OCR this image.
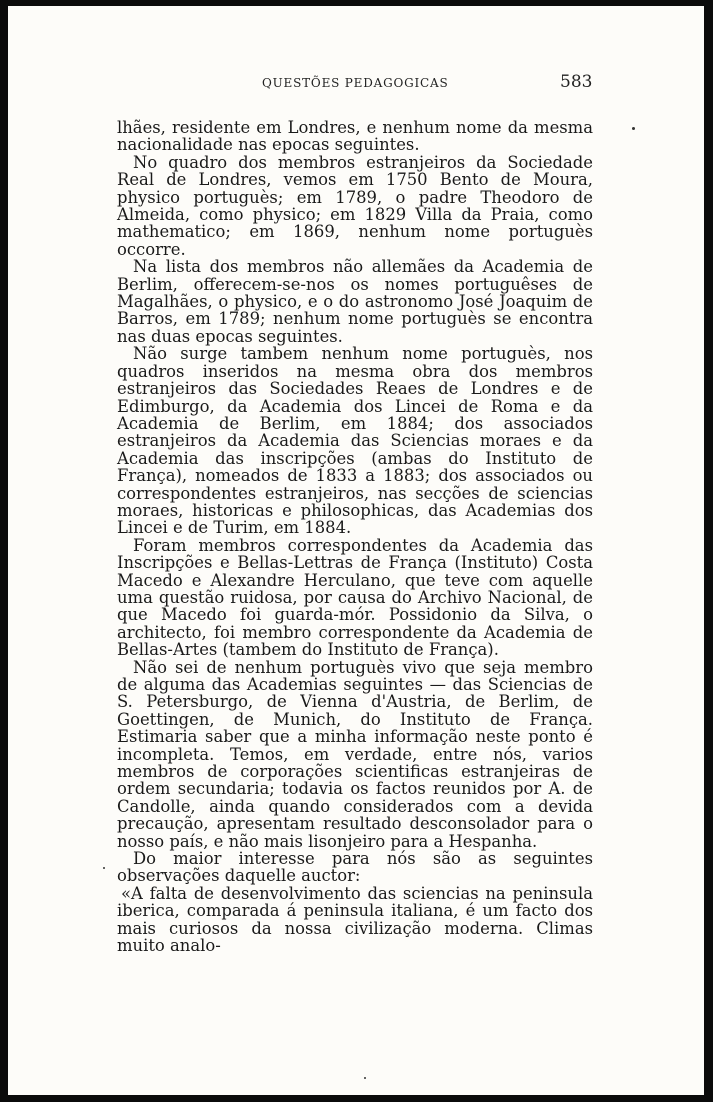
QUESTÕES PEDAGOGICAS	583

lhães, residente em Londres, e nenhum nome da mesma nacionalidade nas epocas seguintes.

No quadro dos membros estranjeiros da Sociedade Real de Londres, vemos em 1750 Bento de Moura, physico portuguès; em 1789, o padre Theodoro de Almeida, como physico; em 1829 Villa da Praia, como mathematico; em 1869, nenhum nome portuguès occorre.

Na lista dos membros não allemães da Academia de Berlim, offerecem-se-nos os nomes portuguêses de Magalhães, o physico, e o do astronomo José Joaquim de Barros, em 1789; nenhum nome portuguès se encontra nas duas epocas seguintes.

Não surge tambem nenhum nome portuguès, nos quadros inseridos na mesma obra dos membros estranjeiros das Sociedades Reaes de Londres e de Edimburgo, da Academia dos Lincei de Roma e da Academia de Berlim, em 1884; dos associados estranjeiros da Academia das Sciencias moraes e da Academia das inscripções (ambas do Instituto de França), nomeados de 1833 a 1883; dos associados ou correspondentes estranjeiros, nas secções de sciencias moraes, historicas e philosophicas, das Academias dos Lincei e de Turim, em 1884.

Foram membros correspondentes da Academia das Inscripções e Bellas-Lettras de França (Instituto) Costa Macedo e Alexandre Herculano, que teve com aquelle uma questão ruidosa, por causa do Archivo Nacional, de que Macedo foi guarda-mór. Possidonio da Silva, o architecto, foi membro correspondente da Academia de Bellas-Artes (tambem do Instituto de França).

Não sei de nenhum portuguès vivo que seja membro de alguma das Academias seguintes — das Sciencias de S. Petersburgo, de Vienna d'Austria, de Berlim, de Goettingen, de Munich, do Instituto de França. Estimaria saber que a minha informação neste ponto é incompleta. Temos, em verdade, entre nós, varios membros de corporações scientificas estranjeiras de ordem secundaria; todavia os factos reunidos por A. de Candolle, ainda quando considerados com a devida precaução, apresentam resultado desconsolador para o nosso país, e não mais lisonjeiro para a Hespanha.

Do maior interesse para nós são as seguintes observações daquelle auctor:

«A falta de desenvolvimento das sciencias na peninsula iberica, comparada á peninsula italiana, é um facto dos mais curiosos da nossa civilização moderna. Climas muito analo-
